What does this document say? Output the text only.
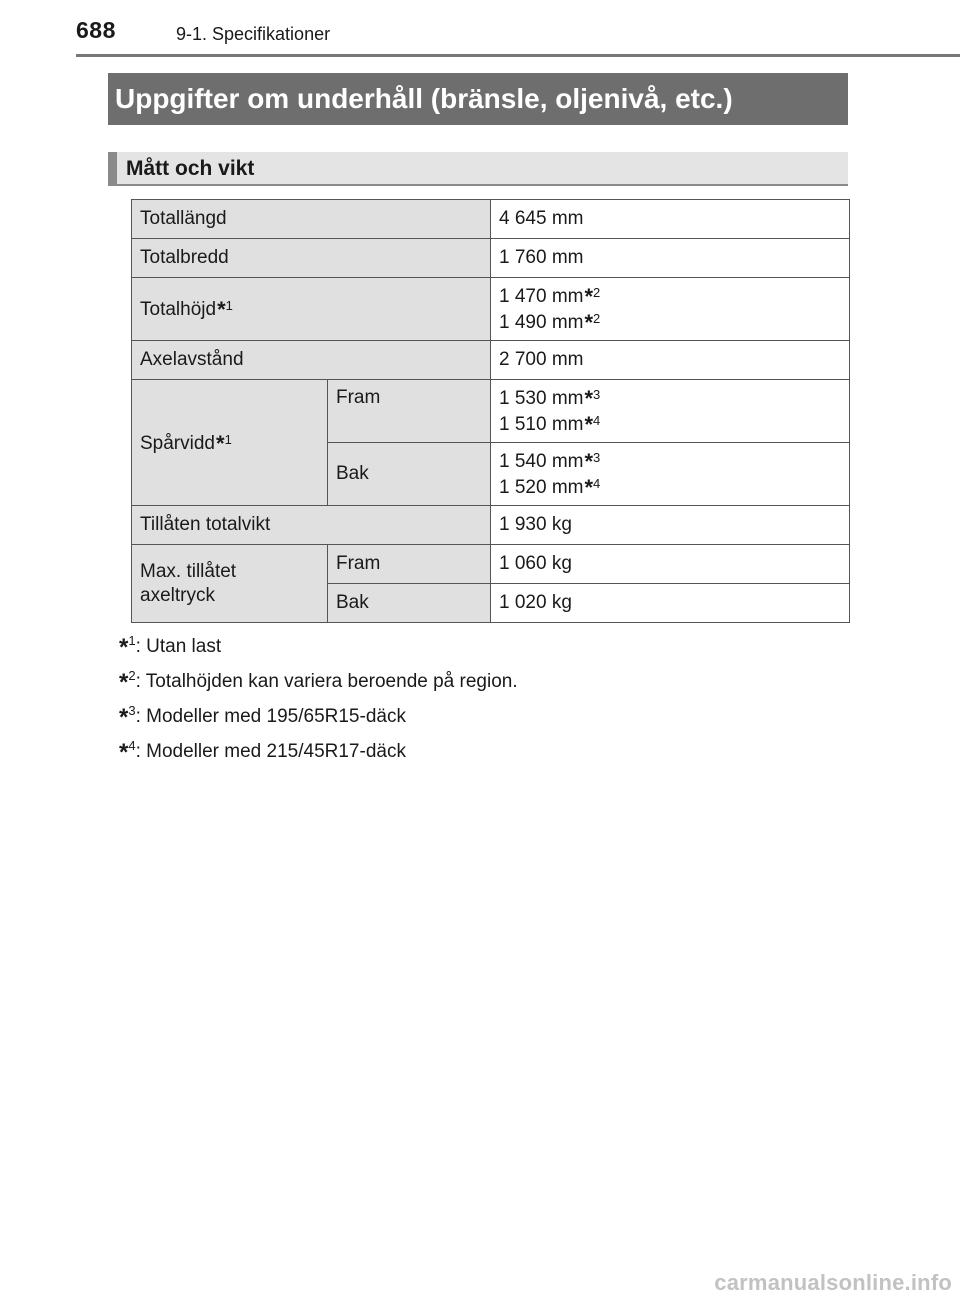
688	9-1. Specifikationer
Uppgifter om underhåll (bränsle, oljenivå, etc.)
Mått och vikt
Totallängd		4 645 mm
Totalbredd		1 760 mm
Totalhöjd*$^1$		1 470 mm*$^2$
1 490 mm*$^2$

Axelavstånd		2 700 mm
Spårvidd*$^1$	Fram	1 530 mm*$^3$
1 510 mm*$^4$

	Bak	1 540 mm*$^3$
1 520 mm*$^4$

Tillåten totalvikt		1 930 kg

Max. tillåtet
axeltryck	Fram	1 060 kg
	Bak	1 020 kg
*$^1$: Utan last
*$^2$: Totalhöjden kan variera beroende på region.
*$^3$: Modeller med 195/65R15-däck
*$^4$: Modeller med 215/45R17-däck
carmanualsonline.info
